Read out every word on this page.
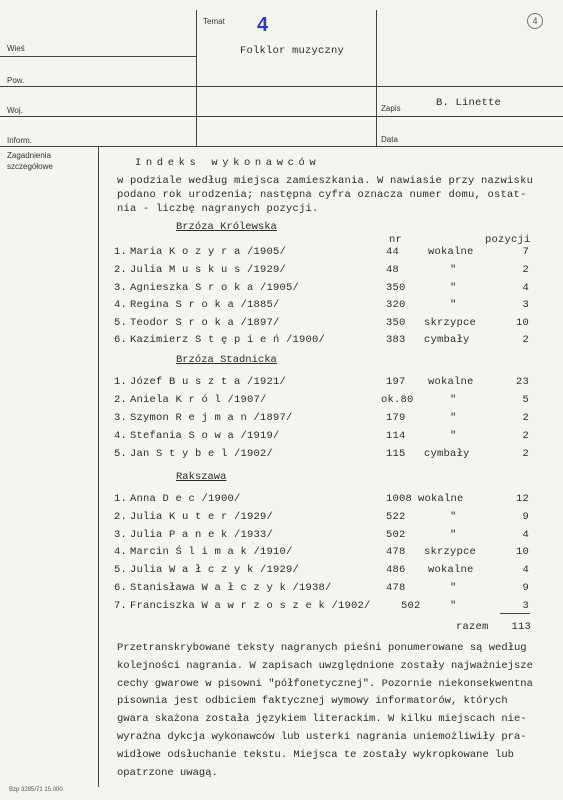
Wieś
Pow.
Woj.
Inform.
Temat
Folklor muzyczny
4	4
Zapis	B. Linette
Data
Zagadnienia
szczegółowe	Indeks wykonawców
w podziale według miejsca zamieszkania. W nawiasie przy nazwisku
podano rok urodzenia; następna cyfra oznacza numer domu, ostat-
nia - liczbę nagranych pozycji.
nr	pozycji
Brzóza Królewska
1. Maria K o z y r a /1905/	44	wokalne	7
2. Julia M u s k u s /1929/	48	"	2
3. Agnieszka S r o k a /1905/	350	"	4
4. Regina S r o k a /1885/	320	"	3
5. Teodor S r o k a /1897/	350 skrzypce	10
6. Kazimierz S t ę p i e ń /1900/	383 cymbały	2
Brzóza Stadnicka
1. Józef B u s z t a /1921/	197 wokalne	23
2. Aniela K r ó l /1907/	ok.80	"	5
3. Szymon R e j m a n /1897/	179	"	2
4. Stefania S o w a /1919/	114	"	2
5. Jan S t y b e l /1902/	115 cymbały	2
Rakszawa
1. Anna D e c /1900/	1008 wokalne	12
2. Julia K u t e r /1929/	522	"	9
3. Julia P a n e k /1933/	502	"	4
4. Marcin Ś l i m a k /1910/	478 skrzypce	10
5. Julia W a ł c z y k /1929/	486 wokalne	4
6. Stanisława W a ł c z y k /1938/	478	"	9
7. Franciszka W a w r z o s z e k /1902/	502	"	3
razem	113
Przetranskrybowane teksty nagranych pieśni ponumerowane są według
kolejności nagrania. W zapisach uwzględnione zostały najważniejsze
cechy gwarowe w pisowni "półfonetycznej". Pozornie niekonsekwentna
pisownia jest odbiciem faktycznej wymowy informatorów, których
gwara skażona została językiem literackim. W kilku miejscach nie-
wyraźna dykcja wykonawców lub usterki nagrania uniemożliwiły pra-
widłowe odsłuchanie tekstu. Miejsca te zostały wykropkowane lub
opatrzone uwagą.
Bzp 3285/71 15.000
